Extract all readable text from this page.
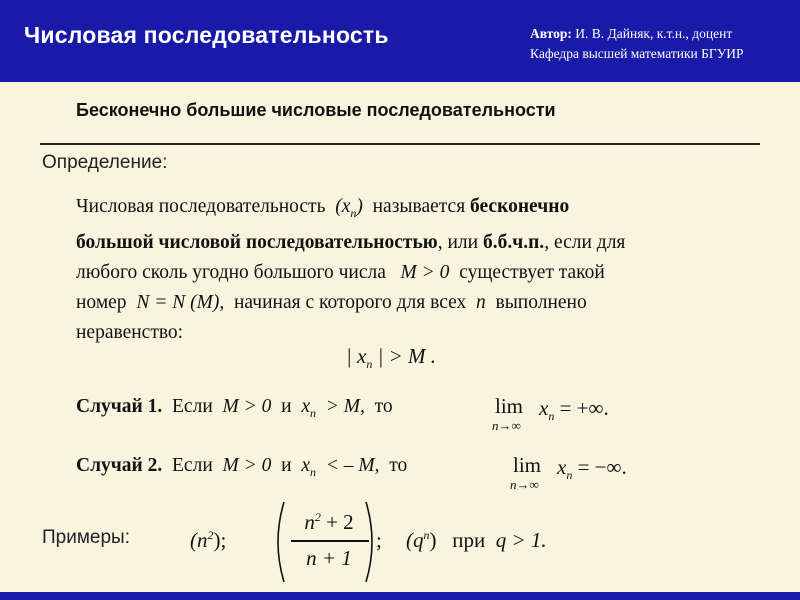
Числовая последовательность	Автор: И. В. Дайняк, к.т.н., доцент
Кафедра высшей математики БГУИР
Бесконечно большие числовые последовательности
Определение:
Числовая последовательность $(x_n)$ называется бесконечно
большой числовой последовательностью, или б.б.ч.п., если для
любого сколь угодно большого числа M > 0 существует такой
номер N = N (M), начиная с которого для всех n выполнено
неравенство:
| $x_n$ | > M .
Случай 1. Если M > 0 и $x_n > M$, то	lim
n→∞
$x_n$ = +∞.
Случай 2. Если M > 0 и $x_n$ < – M, то	lim
n→∞
$x_n$ = −∞.
Примеры:	$(n^2)$;
$n^2 + 2$
n + 1
; $(q^n)$ при q > 1.
